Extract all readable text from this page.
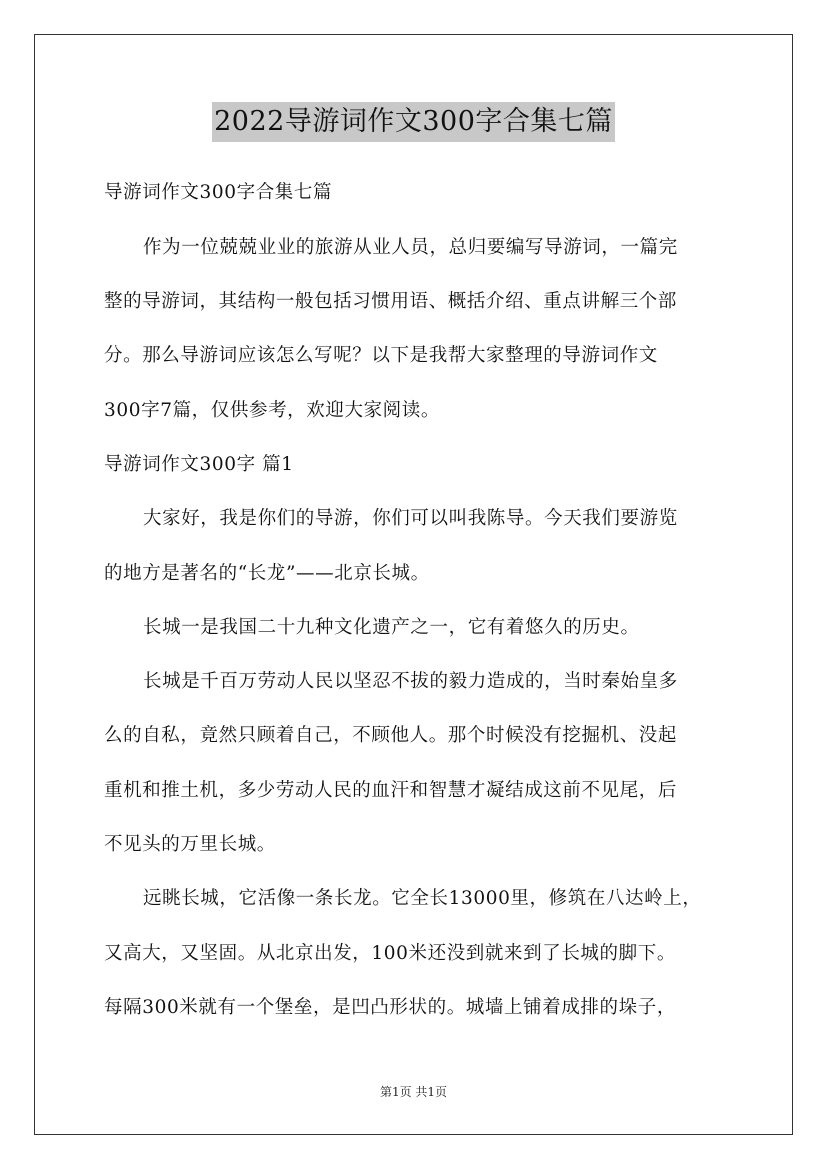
2022导游词作文300字合集七篇
导游词作文300字合集七篇
作为一位兢兢业业的旅游从业人员，总归要编写导游词，一篇完
整的导游词，其结构一般包括习惯用语、概括介绍、重点讲解三个部
分。那么导游词应该怎么写呢？以下是我帮大家整理的导游词作文
300字7篇，仅供参考，欢迎大家阅读。
导游词作文300字 篇1
大家好，我是你们的导游，你们可以叫我陈导。今天我们要游览
的地方是著名的“长龙”——北京长城。
长城一是我国二十九种文化遗产之一，它有着悠久的历史。
长城是千百万劳动人民以坚忍不拔的毅力造成的，当时秦始皇多
么的自私，竟然只顾着自己，不顾他人。那个时候没有挖掘机、没起
重机和推土机，多少劳动人民的血汗和智慧才凝结成这前不见尾，后
不见头的万里长城。
远眺长城，它活像一条长龙。它全长13000里，修筑在八达岭上，
又高大，又坚固。从北京出发，100米还没到就来到了长城的脚下。
每隔300米就有一个堡垒，是凹凸形状的。城墙上铺着成排的垛子，
第1页 共1页
